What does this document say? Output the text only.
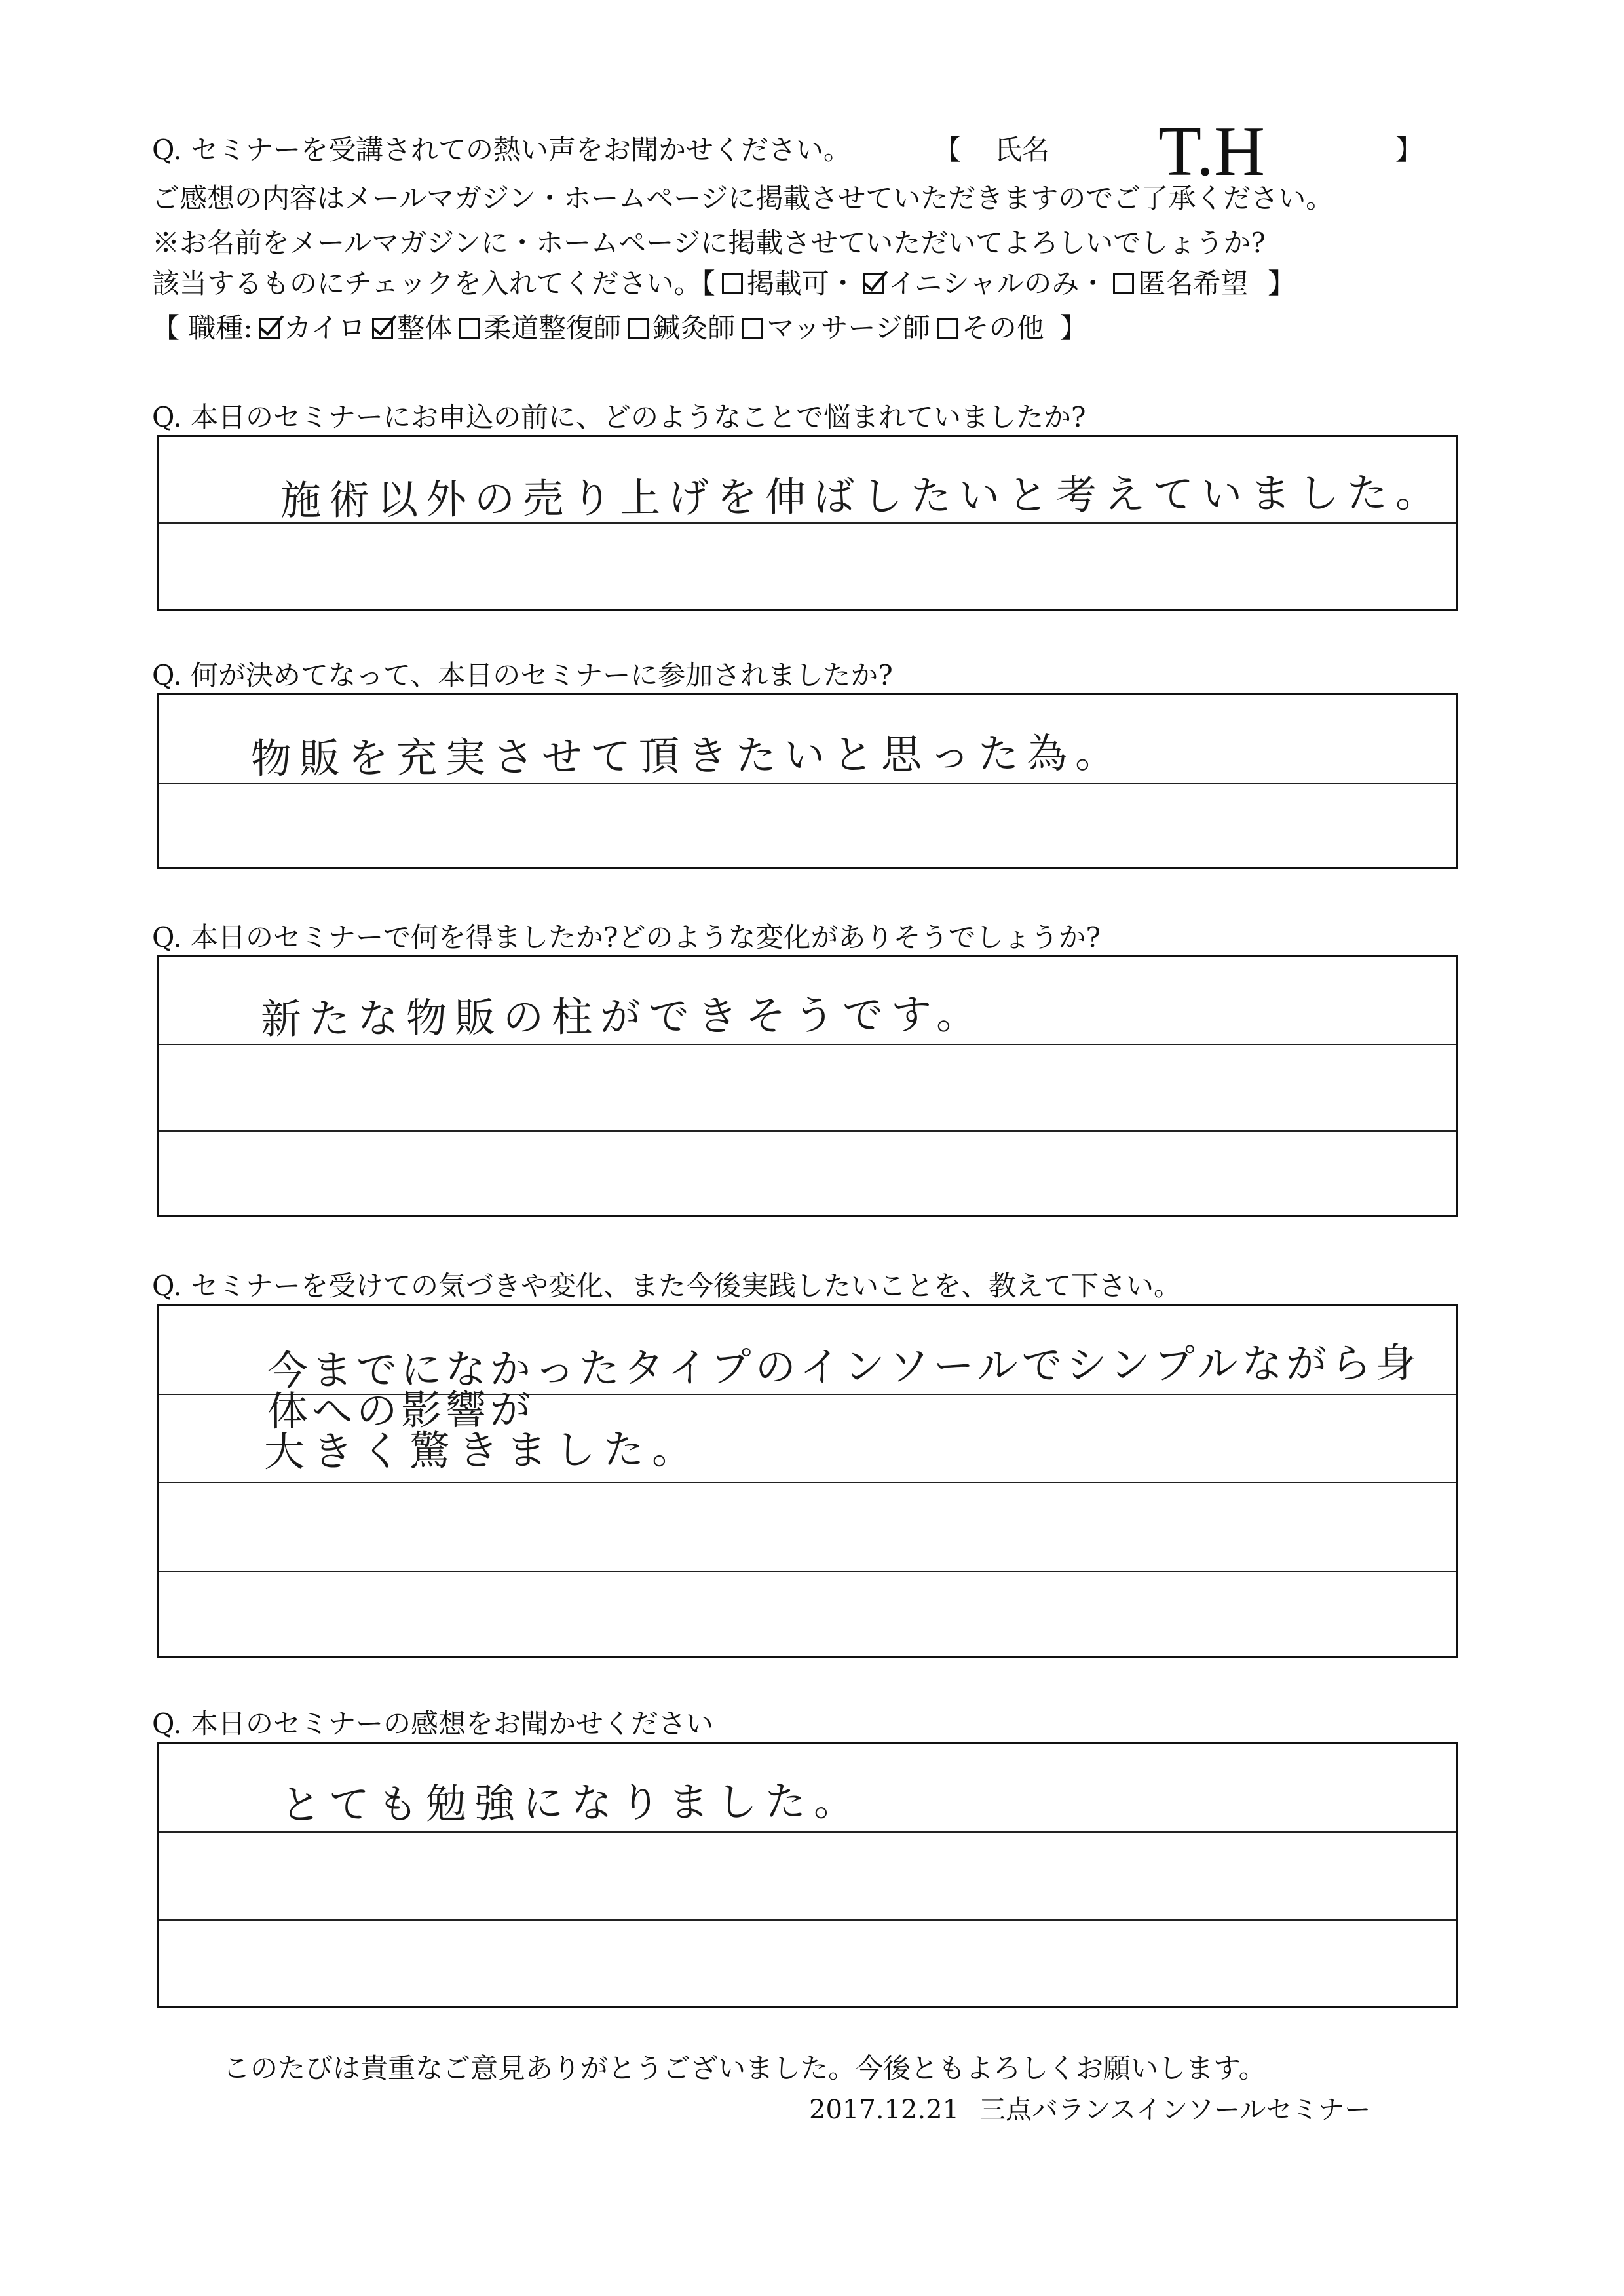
Q. セミナーを受講されての熱い声をお聞かせください。	【 氏名 T.H	】
ご感想の内容はメールマガジン・ホームページに掲載させていただきますのでご了承ください。
※お名前をメールマガジンに・ホームページに掲載させていただいてよろしいでしょうか?
該当するものにチェックを入れてください。【 掲載可 ・ イニシャルのみ ・ 匿名希望 】
【 職種: カイロ 整体 柔道整復師 鍼灸師 マッサージ師 その他 】
Q. 本日のセミナーにお申込の前に、どのようなことで悩まれていましたか?
施術以外の売り上げを伸ばしたいと考えていました。
Q. 何が決めてなって、本日のセミナーに参加されましたか?
物販を充実させて頂きたいと思った為。
Q. 本日のセミナーで何を得ましたか?どのような変化がありそうでしょうか?
新たな物販の柱ができそうです。
Q. セミナーを受けての気づきや変化、また今後実践したいことを、教えて下さい。
今までになかったタイプのインソールでシンプルながら身体への影響が
大きく驚きました。
Q. 本日のセミナーの感想をお聞かせください
とても勉強になりました。
このたびは貴重なご意見ありがとうございました。今後ともよろしくお願いします。
2017.12.21 三点バランスインソールセミナー
